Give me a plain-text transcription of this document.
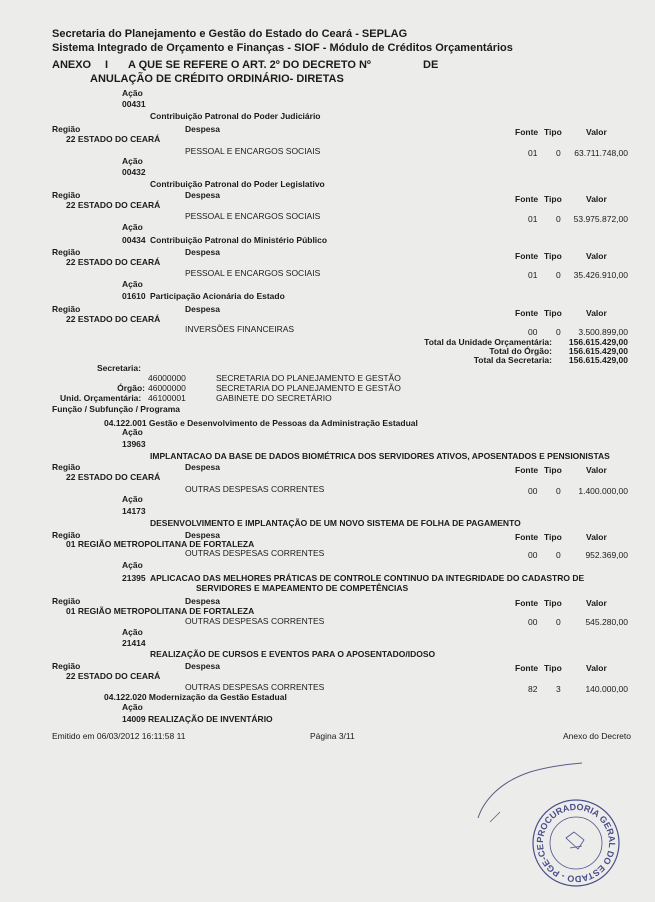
Secretaria do Planejamento e Gestão do Estado do Ceará - SEPLAG
Sistema Integrado de Orçamento e Finanças - SIOF - Módulo de Créditos Orçamentários
ANEXO I A QUE SE REFERE O ART. 2º DO DECRETO Nº	DE
ANULAÇÃO DE CRÉDITO ORDINÁRIO- DIRETAS
Ação
00431
Contribuição Patronal do Poder Judiciário
Região	Despesa	Fonte Tipo	Valor
22 ESTADO DO CEARÁ
PESSOAL E ENCARGOS SOCIAIS	01 0	63.711.748,00
Ação
00432
Contribuição Patronal do Poder Legislativo
Região	Despesa	Fonte Tipo	Valor
22 ESTADO DO CEARÁ
PESSOAL E ENCARGOS SOCIAIS	01 0	53.975.872,00
Ação
00434 Contribuição Patronal do Ministério Público
Região	Despesa	Fonte Tipo	Valor
22 ESTADO DO CEARÁ
PESSOAL E ENCARGOS SOCIAIS	01 0	35.426.910,00
Ação
01610 Participação Acionária do Estado
Região	Despesa	Fonte Tipo	Valor
22 ESTADO DO CEARÁ
INVERSÕES FINANCEIRAS	00 0	3.500.899,00
Total da Unidade Orçamentária:	156.615.429,00
Total do Órgão:	156.615.429,00
Total da Secretaria:	156.615.429,00
Secretaria:
46000000	SECRETARIA DO PLANEJAMENTO E GESTÃO
Órgão: 46000000	SECRETARIA DO PLANEJAMENTO E GESTÃO
Unid. Orçamentária: 46100001	GABINETE DO SECRETÁRIO
Função / Subfunção / Programa
04.122.001 Gestão e Desenvolvimento de Pessoas da Administração Estadual
Ação
13963
IMPLANTACAO DA BASE DE DADOS BIOMÉTRICA DOS SERVIDORES ATIVOS, APOSENTADOS E PENSIONISTAS
Região	Despesa	Fonte Tipo	Valor
22 ESTADO DO CEARÁ
OUTRAS DESPESAS CORRENTES	00 0	1.400.000,00
Ação
14173
DESENVOLVIMENTO E IMPLANTAÇÃO DE UM NOVO SISTEMA DE FOLHA DE PAGAMENTO
Região	Despesa	Fonte Tipo	Valor
01 REGIÃO METROPOLITANA DE FORTALEZA
OUTRAS DESPESAS CORRENTES	00 0	952.369,00
Ação
21395 APLICACAO DAS MELHORES PRÁTICAS DE CONTROLE CONTINUO DA INTEGRIDADE DO CADASTRO DE
SERVIDORES E MAPEAMENTO DE COMPETÊNCIAS
Região	Despesa	Fonte Tipo	Valor
01 REGIÃO METROPOLITANA DE FORTALEZA
OUTRAS DESPESAS CORRENTES	00 0	545.280,00
Ação
21414
REALIZAÇÃO DE CURSOS E EVENTOS PARA O APOSENTADO/IDOSO
Região	Despesa	Fonte Tipo	Valor
22 ESTADO DO CEARÁ
OUTRAS DESPESAS CORRENTES	82 3	140.000,00
04.122.020 Modernização da Gestão Estadual
Ação
14009 REALIZAÇÃO DE INVENTÁRIO
Emitido em 06/03/2012 16:11:58 11	Página 3/11	Anexo do Decreto
PROCURADORIA GERAL DO ESTADO - PGE-CE
